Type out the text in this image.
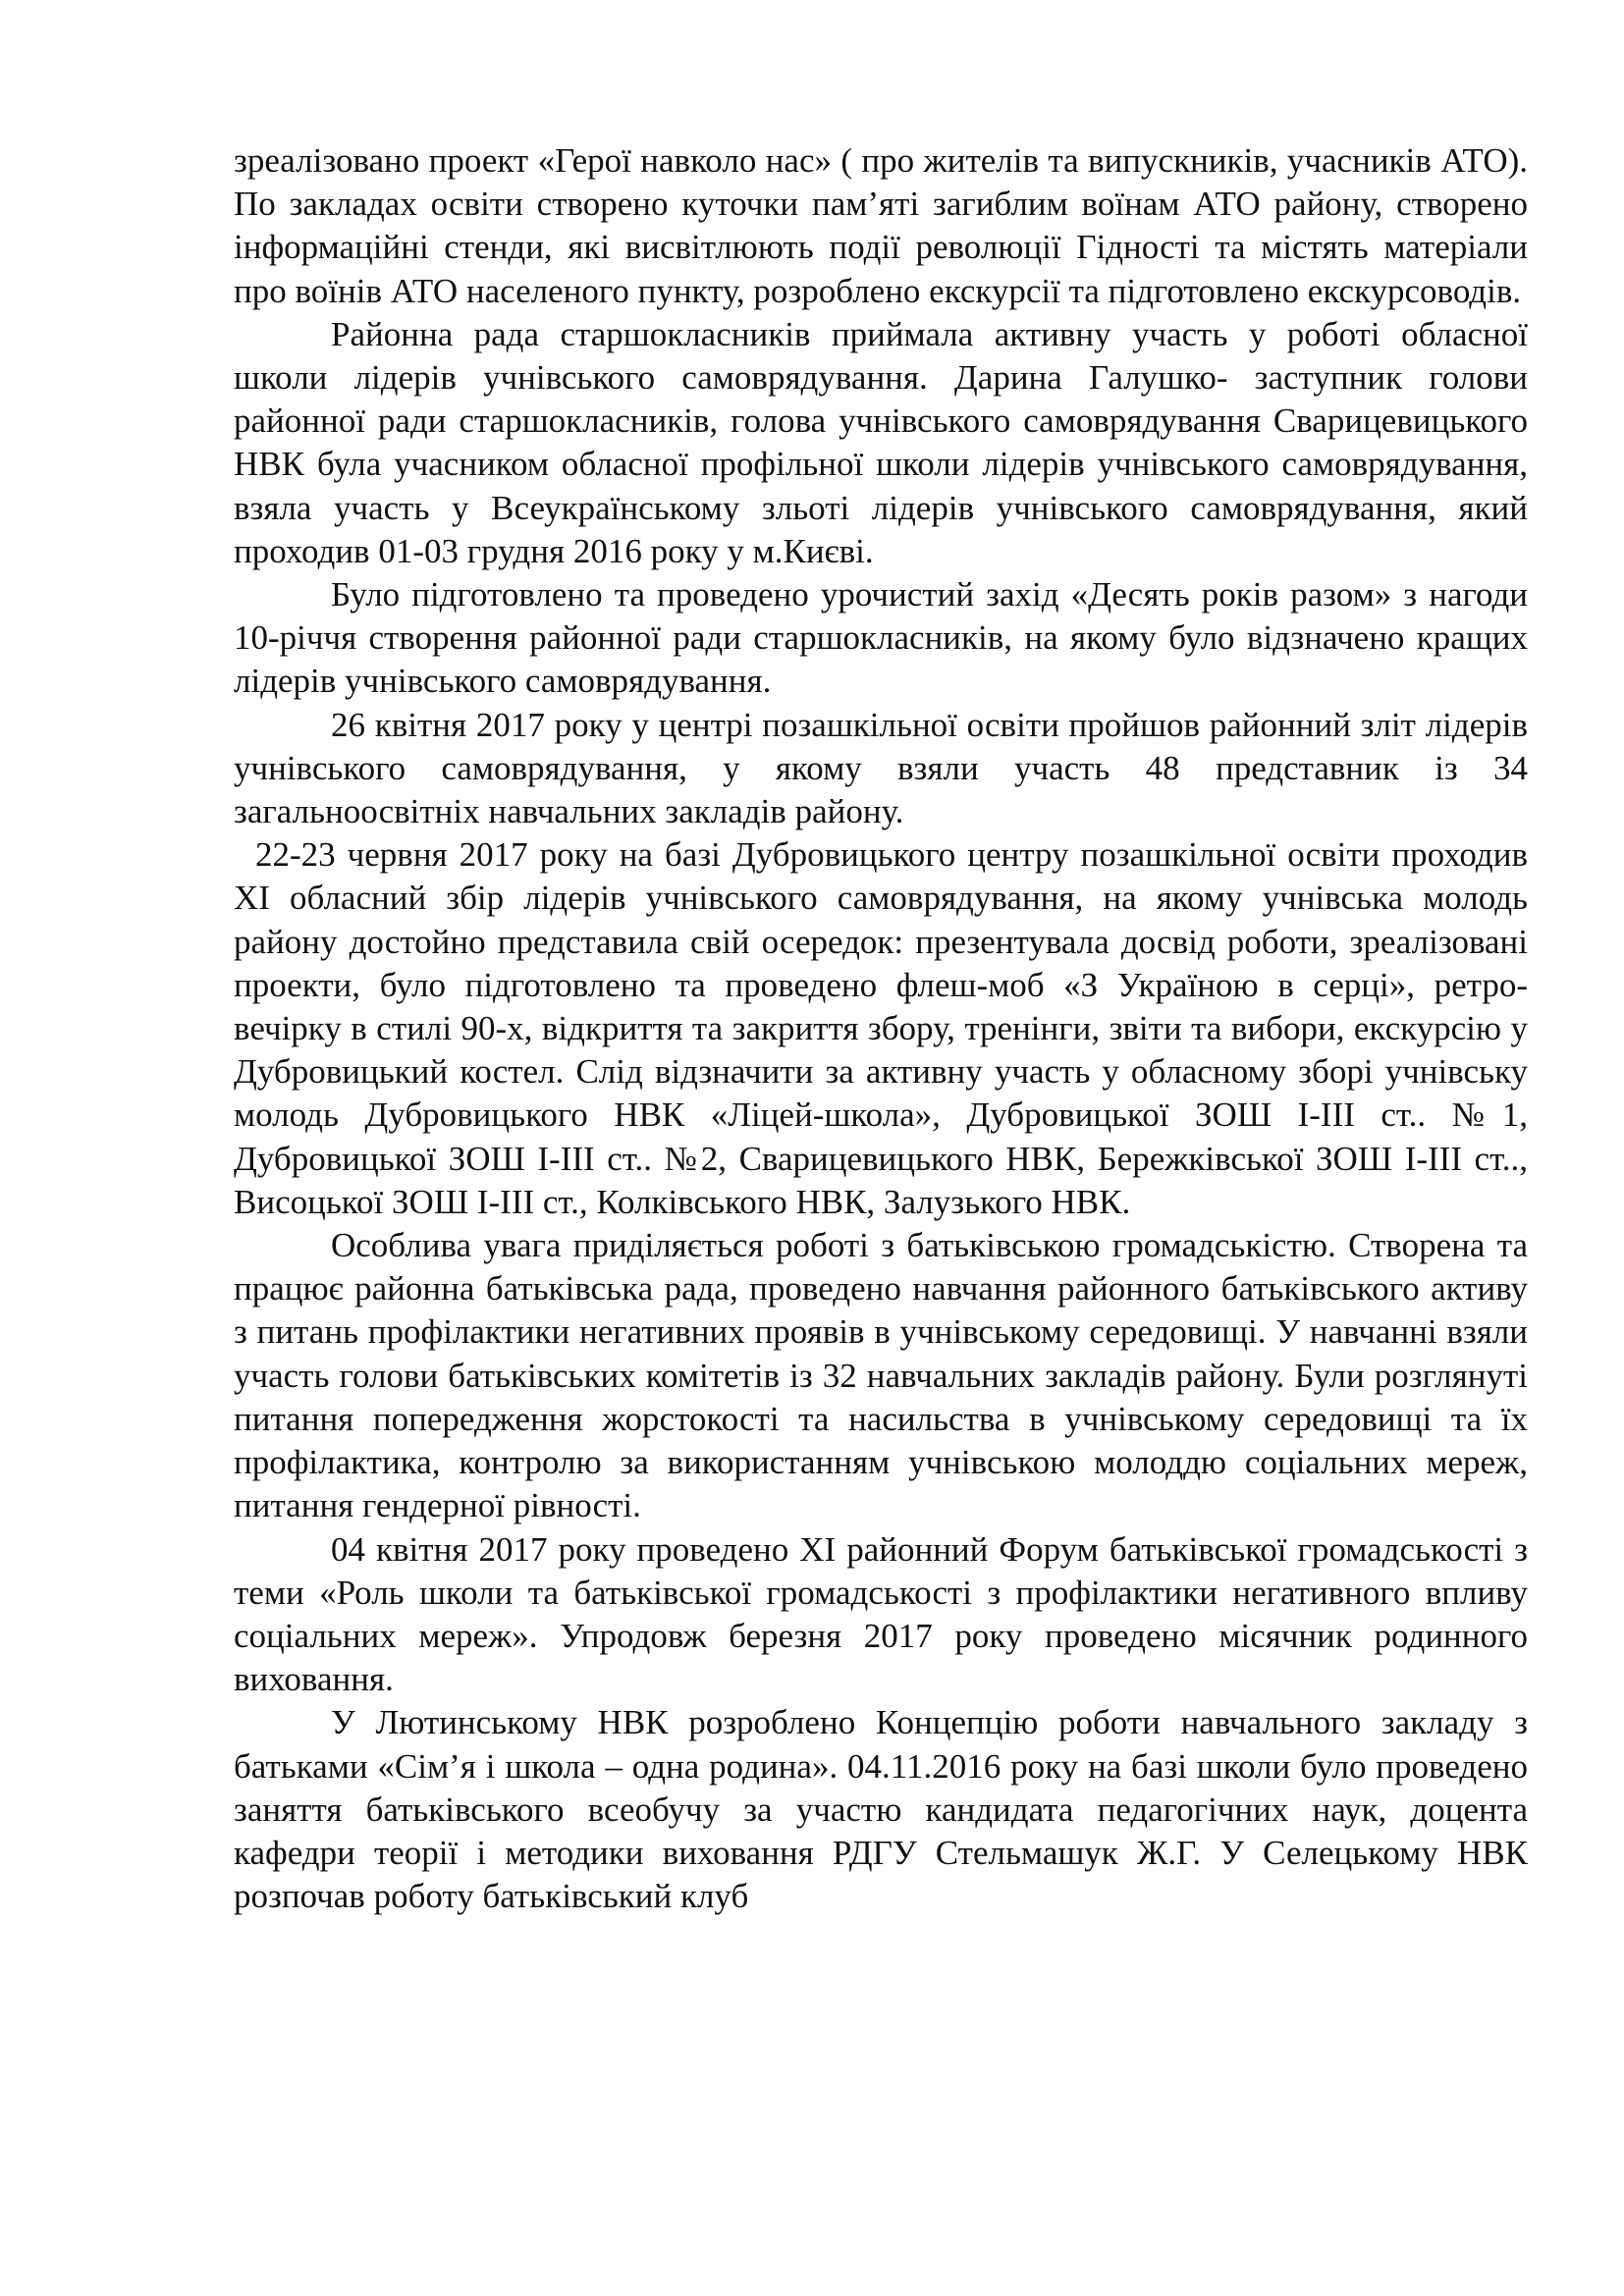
зреалізовано проект «Герої навколо нас» ( про жителів та випускників, учасників АТО). По закладах освіти створено куточки пам’яті загиблим воїнам АТО району, створено інформаційні стенди, які висвітлюють події революції Гідності та містять матеріали про воїнів АТО населеного пункту, розроблено екскурсії та підготовлено екскурсоводів.

Районна рада старшокласників приймала активну участь у роботі обласної школи лідерів учнівського самоврядування. Дарина Галушко- заступник голови районної ради старшокласників, голова учнівського самоврядування Сварицевицького НВК була учасником обласної профільної школи лідерів учнівського самоврядування, взяла участь у Всеукраїнському зльоті лідерів учнівського самоврядування, який проходив 01-03 грудня 2016 року у м.Києві.

Було підготовлено та проведено урочистий захід «Десять років разом» з нагоди 10-річчя створення районної ради старшокласників, на якому було відзначено кращих лідерів учнівського самоврядування.

26 квітня 2017 року у центрі позашкільної освіти пройшов районний зліт лідерів учнівського самоврядування, у якому взяли участь 48 представник із 34 загальноосвітніх навчальних закладів району.

22-23 червня 2017 року на базі Дубровицького центру позашкільної освіти проходив ХІ обласний збір лідерів учнівського самоврядування, на якому учнівська молодь району достойно представила свій осередок: презентувала досвід роботи, зреалізовані проекти, було підготовлено та проведено флеш-моб «З Україною в серці», ретро-вечірку в стилі 90-х, відкриття та закриття збору, тренінги, звіти та вибори, екскурсію у Дубровицький костел. Слід відзначити за активну участь у обласному зборі учнівську молодь Дубровицького НВК «Ліцей-школа», Дубровицької ЗОШ І-ІІІ ст.. №1, Дубровицької ЗОШ І-ІІІ ст.. №2, Сварицевицького НВК, Бережківської ЗОШ І-ІІІ ст.., Висоцької ЗОШ І-ІІІ ст., Колківського НВК, Залузького НВК.

Особлива увага приділяється роботі з батьківською громадськістю. Створена та працює районна батьківська рада, проведено навчання районного батьківського активу з питань профілактики негативних проявів в учнівському середовищі. У навчанні взяли участь голови батьківських комітетів із 32 навчальних закладів району. Були розглянуті питання попередження жорстокості та насильства в учнівському середовищі та їх профілактика, контролю за використанням учнівською молоддю соціальних мереж, питання гендерної рівності.

04 квітня 2017 року проведено ХІ районний Форум батьківської громадськості з теми «Роль школи та батьківської громадськості з профілактики негативного впливу соціальних мереж». Упродовж березня 2017 року проведено місячник родинного виховання.

У Лютинському НВК розроблено Концепцію роботи навчального закладу з батьками «Сім’я і школа – одна родина». 04.11.2016 року на базі школи було проведено заняття батьківського всеобучу за участю кандидата педагогічних наук, доцента кафедри теорії і методики виховання РДГУ Стельмашук Ж.Г. У Селецькому НВК розпочав роботу батьківський клуб
